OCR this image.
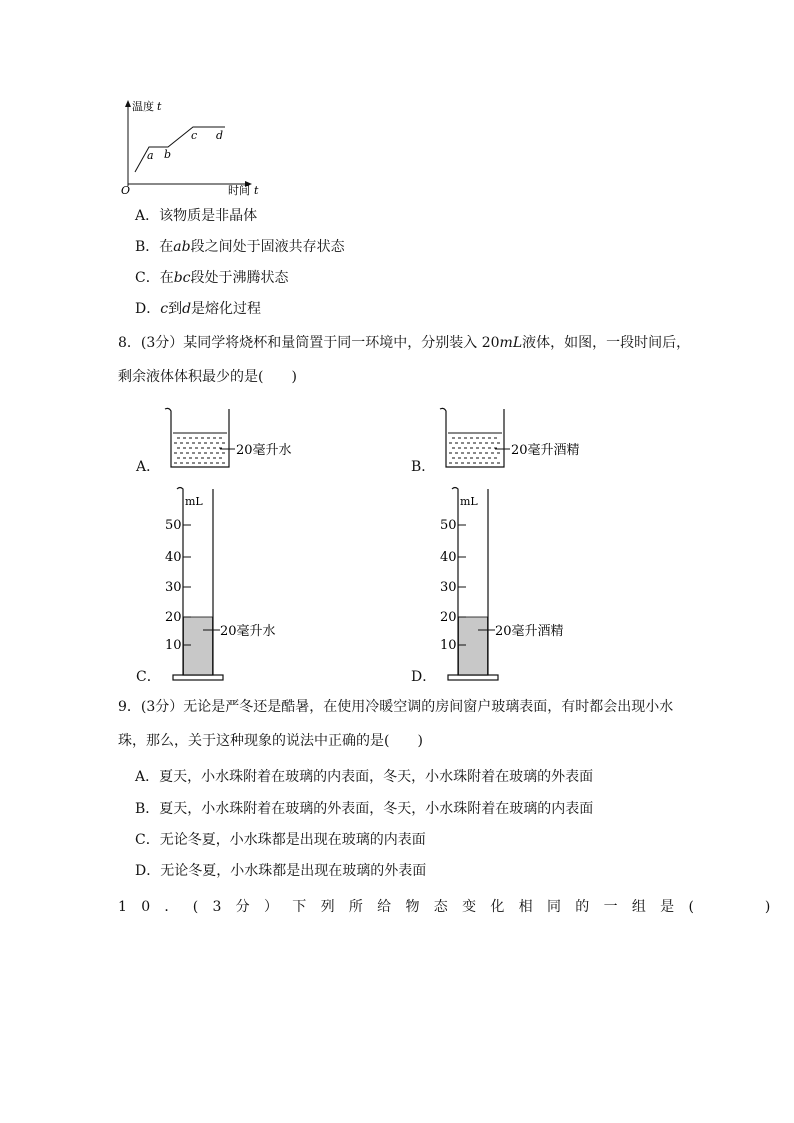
温度 t
O	时间 t
a b
c d
A．该物质是非晶体
B．在ab段之间处于固液共存状态
C．在bc段处于沸腾状态
D．c到d是熔化过程
8．(3分）某同学将烧杯和量筒置于同一环境中，分别装入 20mL液体，如图，一段时间后，
剩余液体体积最少的是(　　)
A．
20毫升水
B．
20毫升酒精
C．
mL
50
40
30
20
10
20毫升水
D．
mL
50
40
30
20
10
20毫升酒精
9．(3分）无论是严冬还是酷暑，在使用冷暖空调的房间窗户玻璃表面，有时都会出现小水
珠，那么，关于这种现象的说法中正确的是(　　)
A．夏天，小水珠附着在玻璃的内表面，冬天，小水珠附着在玻璃的外表面
B．夏天，小水珠附着在玻璃的外表面，冬天，小水珠附着在玻璃的内表面
C．无论冬夏，小水珠都是出现在玻璃的内表面
D．无论冬夏，小水珠都是出现在玻璃的外表面
10．(3分）下列所给物态变化相同的一组是(　　)
